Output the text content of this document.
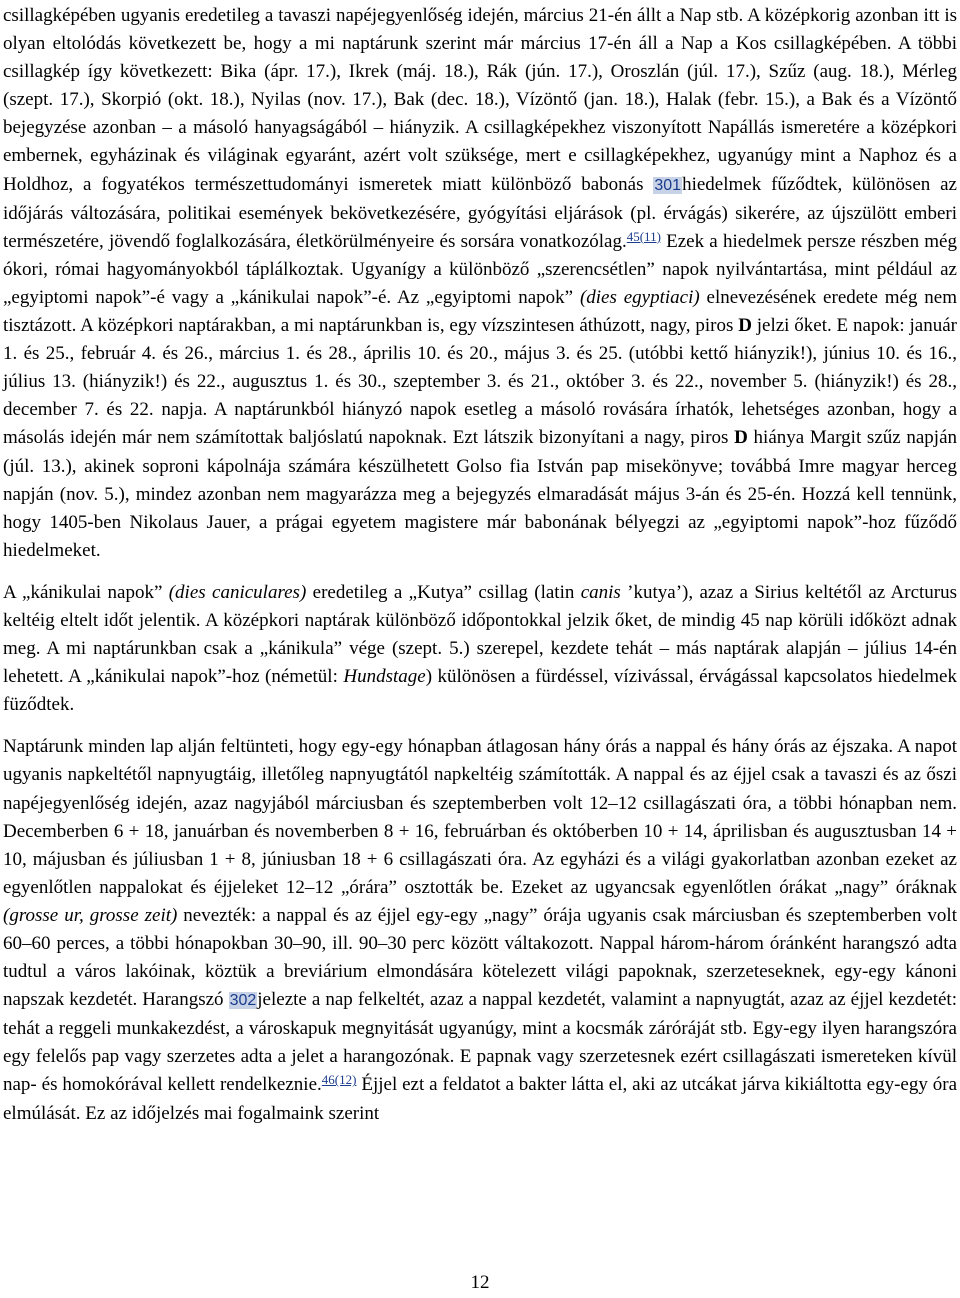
csillagképében ugyanis eredetileg a tavaszi napéjegyenlőség idején, március 21-én állt a Nap stb. A középkorig azonban itt is olyan eltolódás következett be, hogy a mi naptárunk szerint már március 17-én áll a Nap a Kos csillagképében. A többi csillagkép így következett: Bika (ápr. 17.), Ikrek (máj. 18.), Rák (jún. 17.), Oroszlán (júl. 17.), Szűz (aug. 18.), Mérleg (szept. 17.), Skorpió (okt. 18.), Nyilas (nov. 17.), Bak (dec. 18.), Vízöntő (jan. 18.), Halak (febr. 15.), a Bak és a Vízöntő bejegyzése azonban – a másoló hanyagságából – hiányzik. A csillagképekhez viszonyított Napállás ismeretére a középkori embernek, egyházinak és világinak egyaránt, azért volt szüksége, mert e csillagképekhez, ugyanúgy mint a Naphoz és a Holdhoz, a fogyatékos természettudományi ismeretek miatt különböző babonás 301hiedelmek fűződtek, különösen az időjárás változására, politikai események bekövetkezésére, gyógyítási eljárások (pl. érvágás) sikerére, az újszülött emberi természetére, jövendő foglalkozására, életkörülményeire és sorsára vonatkozólag.$^{45(11)}$ Ezek a hiedelmek persze részben még ókori, római hagyományokból táplálkoztak. Ugyanígy a különböző „szerencsétlen” napok nyilvántartása, mint például az „egyiptomi napok”-é vagy a „kánikulai napok”-é. Az „egyiptomi napok” (dies egyptiaci) elnevezésének eredete még nem tisztázott. A középkori naptárakban, a mi naptárunkban is, egy vízszintesen áthúzott, nagy, piros D jelzi őket. E napok: január 1. és 25., február 4. és 26., március 1. és 28., április 10. és 20., május 3. és 25. (utóbbi kettő hiányzik!), június 10. és 16., július 13. (hiányzik!) és 22., augusztus 1. és 30., szeptember 3. és 21., október 3. és 22., november 5. (hiányzik!) és 28., december 7. és 22. napja. A naptárunkból hiányzó napok esetleg a másoló rovására írhatók, lehetséges azonban, hogy a másolás idején már nem számítottak baljóslatú napoknak. Ezt látszik bizonyítani a nagy, piros D hiánya Margit szűz napján (júl. 13.), akinek soproni kápolnája számára készülhetett Golso fia István pap misekönyve; továbbá Imre magyar herceg napján (nov. 5.), mindez azonban nem magyarázza meg a bejegyzés elmaradását május 3-án és 25-én. Hozzá kell tennünk, hogy 1405-ben Nikolaus Jauer, a prágai egyetem magistere már babonának bélyegzi az „egyiptomi napok”-hoz fűződő hiedelmeket.

A „kánikulai napok” (dies caniculares) eredetileg a „Kutya” csillag (latin canis ’kutya’), azaz a Sirius keltétől az Arcturus keltéig eltelt időt jelentik. A középkori naptárak különböző időpontokkal jelzik őket, de mindig 45 nap körüli időközt adnak meg. A mi naptárunkban csak a „kánikula” vége (szept. 5.) szerepel, kezdete tehát – más naptárak alapján – július 14-én lehetett. A „kánikulai napok”-hoz (németül: Hundstage) különösen a fürdéssel, vízivással, érvágással kapcsolatos hiedelmek füződtek.

Naptárunk minden lap alján feltünteti, hogy egy-egy hónapban átlagosan hány órás a nappal és hány órás az éjszaka. A napot ugyanis napkeltétől napnyugtáig, illetőleg napnyugtától napkeltéig számították. A nappal és az éjjel csak a tavaszi és az őszi napéjegyenlőség idején, azaz nagyjából márciusban és szeptemberben volt 12–12 csillagászati óra, a többi hónapban nem. Decemberben 6 + 18, januárban és novemberben 8 + 16, februárban és októberben 10 + 14, áprilisban és augusztusban 14 + 10, májusban és júliusban 1 + 8, júniusban 18 + 6 csillagászati óra. Az egyházi és a világi gyakorlatban azonban ezeket az egyenlőtlen nappalokat és éjjeleket 12–12 „órára” osztották be. Ezeket az ugyancsak egyenlőtlen órákat „nagy” óráknak (grosse ur, grosse zeit) nevezték: a nappal és az éjjel egy-egy „nagy” órája ugyanis csak márciusban és szeptemberben volt 60–60 perces, a többi hónapokban 30–90, ill. 90–30 perc között váltakozott. Nappal három-három óránként harangszó adta tudtul a város lakóinak, köztük a breviárium elmondására kötelezett világi papoknak, szerzeteseknek, egy-egy kánoni napszak kezdetét. Harangszó 302jelezte a nap felkeltét, azaz a nappal kezdetét, valamint a napnyugtát, azaz az éjjel kezdetét: tehát a reggeli munkakezdést, a városkapuk megnyitását ugyanúgy, mint a kocsmák záróráját stb. Egy-egy ilyen harangszóra egy felelős pap vagy szerzetes adta a jelet a harangozónak. E papnak vagy szerzetesnek ezért csillagászati ismereteken kívül nap- és homokórával kellett rendelkeznie.$^{46(12)}$ Éjjel ezt a feldatot a bakter látta el, aki az utcákat járva kikiáltotta egy-egy óra elmúlását. Ez az időjelzés mai fogalmaink szerint

12
